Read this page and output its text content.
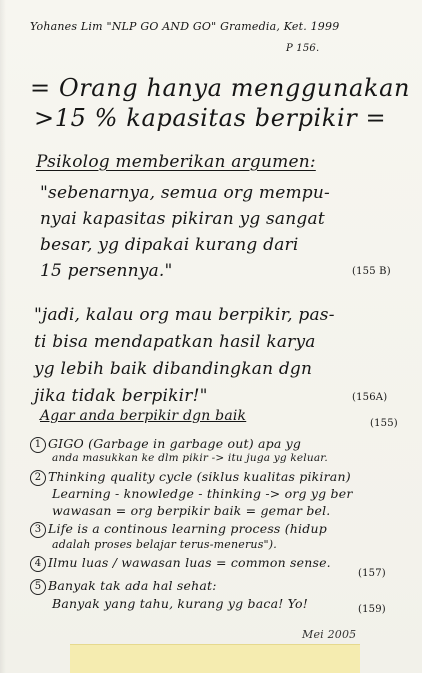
Yohanes Lim "NLP GO AND GO" Gramedia, Ket. 1999
P 156.
= Orang hanya menggunakan
>15 % kapasitas berpikir =
Psikolog memberikan argumen:
"sebenarnya, semua org mempu-
nyai kapasitas pikiran yg sangat
besar, yg dipakai kurang dari
15 persennya."	(155 B)
"jadi, kalau org mau berpikir, pas-
ti bisa mendapatkan hasil karya
yg lebih baik dibandingkan dgn
jika tidak berpikir!"	(156A)
Agar anda berpikir dgn baik	(155)
1 GIGO (Garbage in garbage out) apa yg
anda masukkan ke dlm pikir -> itu juga yg keluar.
2 Thinking quality cycle (siklus kualitas pikiran)
Learning - knowledge - thinking -> org yg ber
wawasan = org berpikir baik = gemar bel.
3 Life is a continous learning process (hidup
adalah proses belajar terus-menerus").
4 Ilmu luas / wawasan luas = common sense.
(157)
5 Banyak tak ada hal sehat:
Banyak yang tahu, kurang yg baca! Yo!	(159)
Mei 2005
